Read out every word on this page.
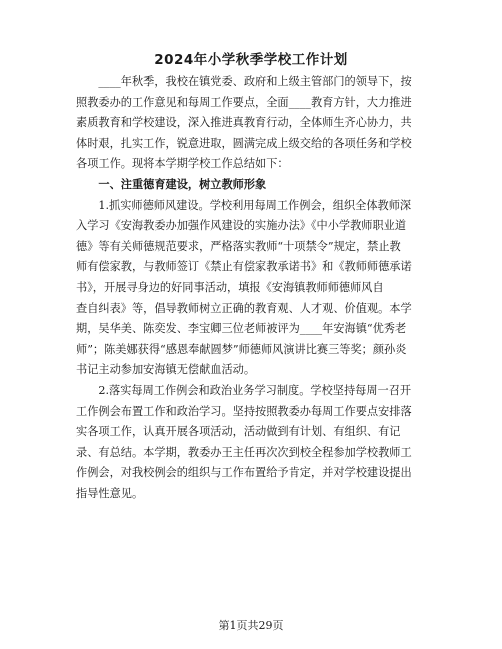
2024年小学秋季学校工作计划
　　____年秋季，我校在镇党委、政府和上级主管部门的领导下，按
照教委办的工作意见和每周工作要点，全面____教育方针，大力推进
素质教育和学校建设，深入推进真教育行动，全体师生齐心协力，共
体时艰，扎实工作，锐意进取，圆满完成上级交给的各项任务和学校
各项工作。现将本学期学校工作总结如下：
　　一、注重德育建设，树立教师形象
　　1.抓实师德师风建设。学校利用每周工作例会，组织全体教师深
入学习《安海教委办加强作风建设的实施办法》《中小学教师职业道
德》等有关师德规范要求，严格落实教师“十项禁令”规定，禁止教
师有偿家教，与教师签订《禁止有偿家教承诺书》和《教师师德承诺
书》，开展寻身边的好同事活动，填报《安海镇教师师德师风自
查自纠表》等，倡导教师树立正确的教育观、人才观、价值观。本学
期，吴华美、陈奕发、李宝卿三位老师被评为____年安海镇“优秀老
师”；陈美娜获得“感恩奉献圆梦”师德师风演讲比赛三等奖；颜孙炎
书记主动参加安海镇无偿献血活动。
　　2.落实每周工作例会和政治业务学习制度。学校坚持每周一召开
工作例会布置工作和政治学习。坚持按照教委办每周工作要点安排落
实各项工作，认真开展各项活动，活动做到有计划、有组织、有记
录、有总结。本学期，教委办王主任再次次到校全程参加学校教师工
作例会，对我校例会的组织与工作布置给予肯定，并对学校建设提出
指导性意见。
第1页共29页
